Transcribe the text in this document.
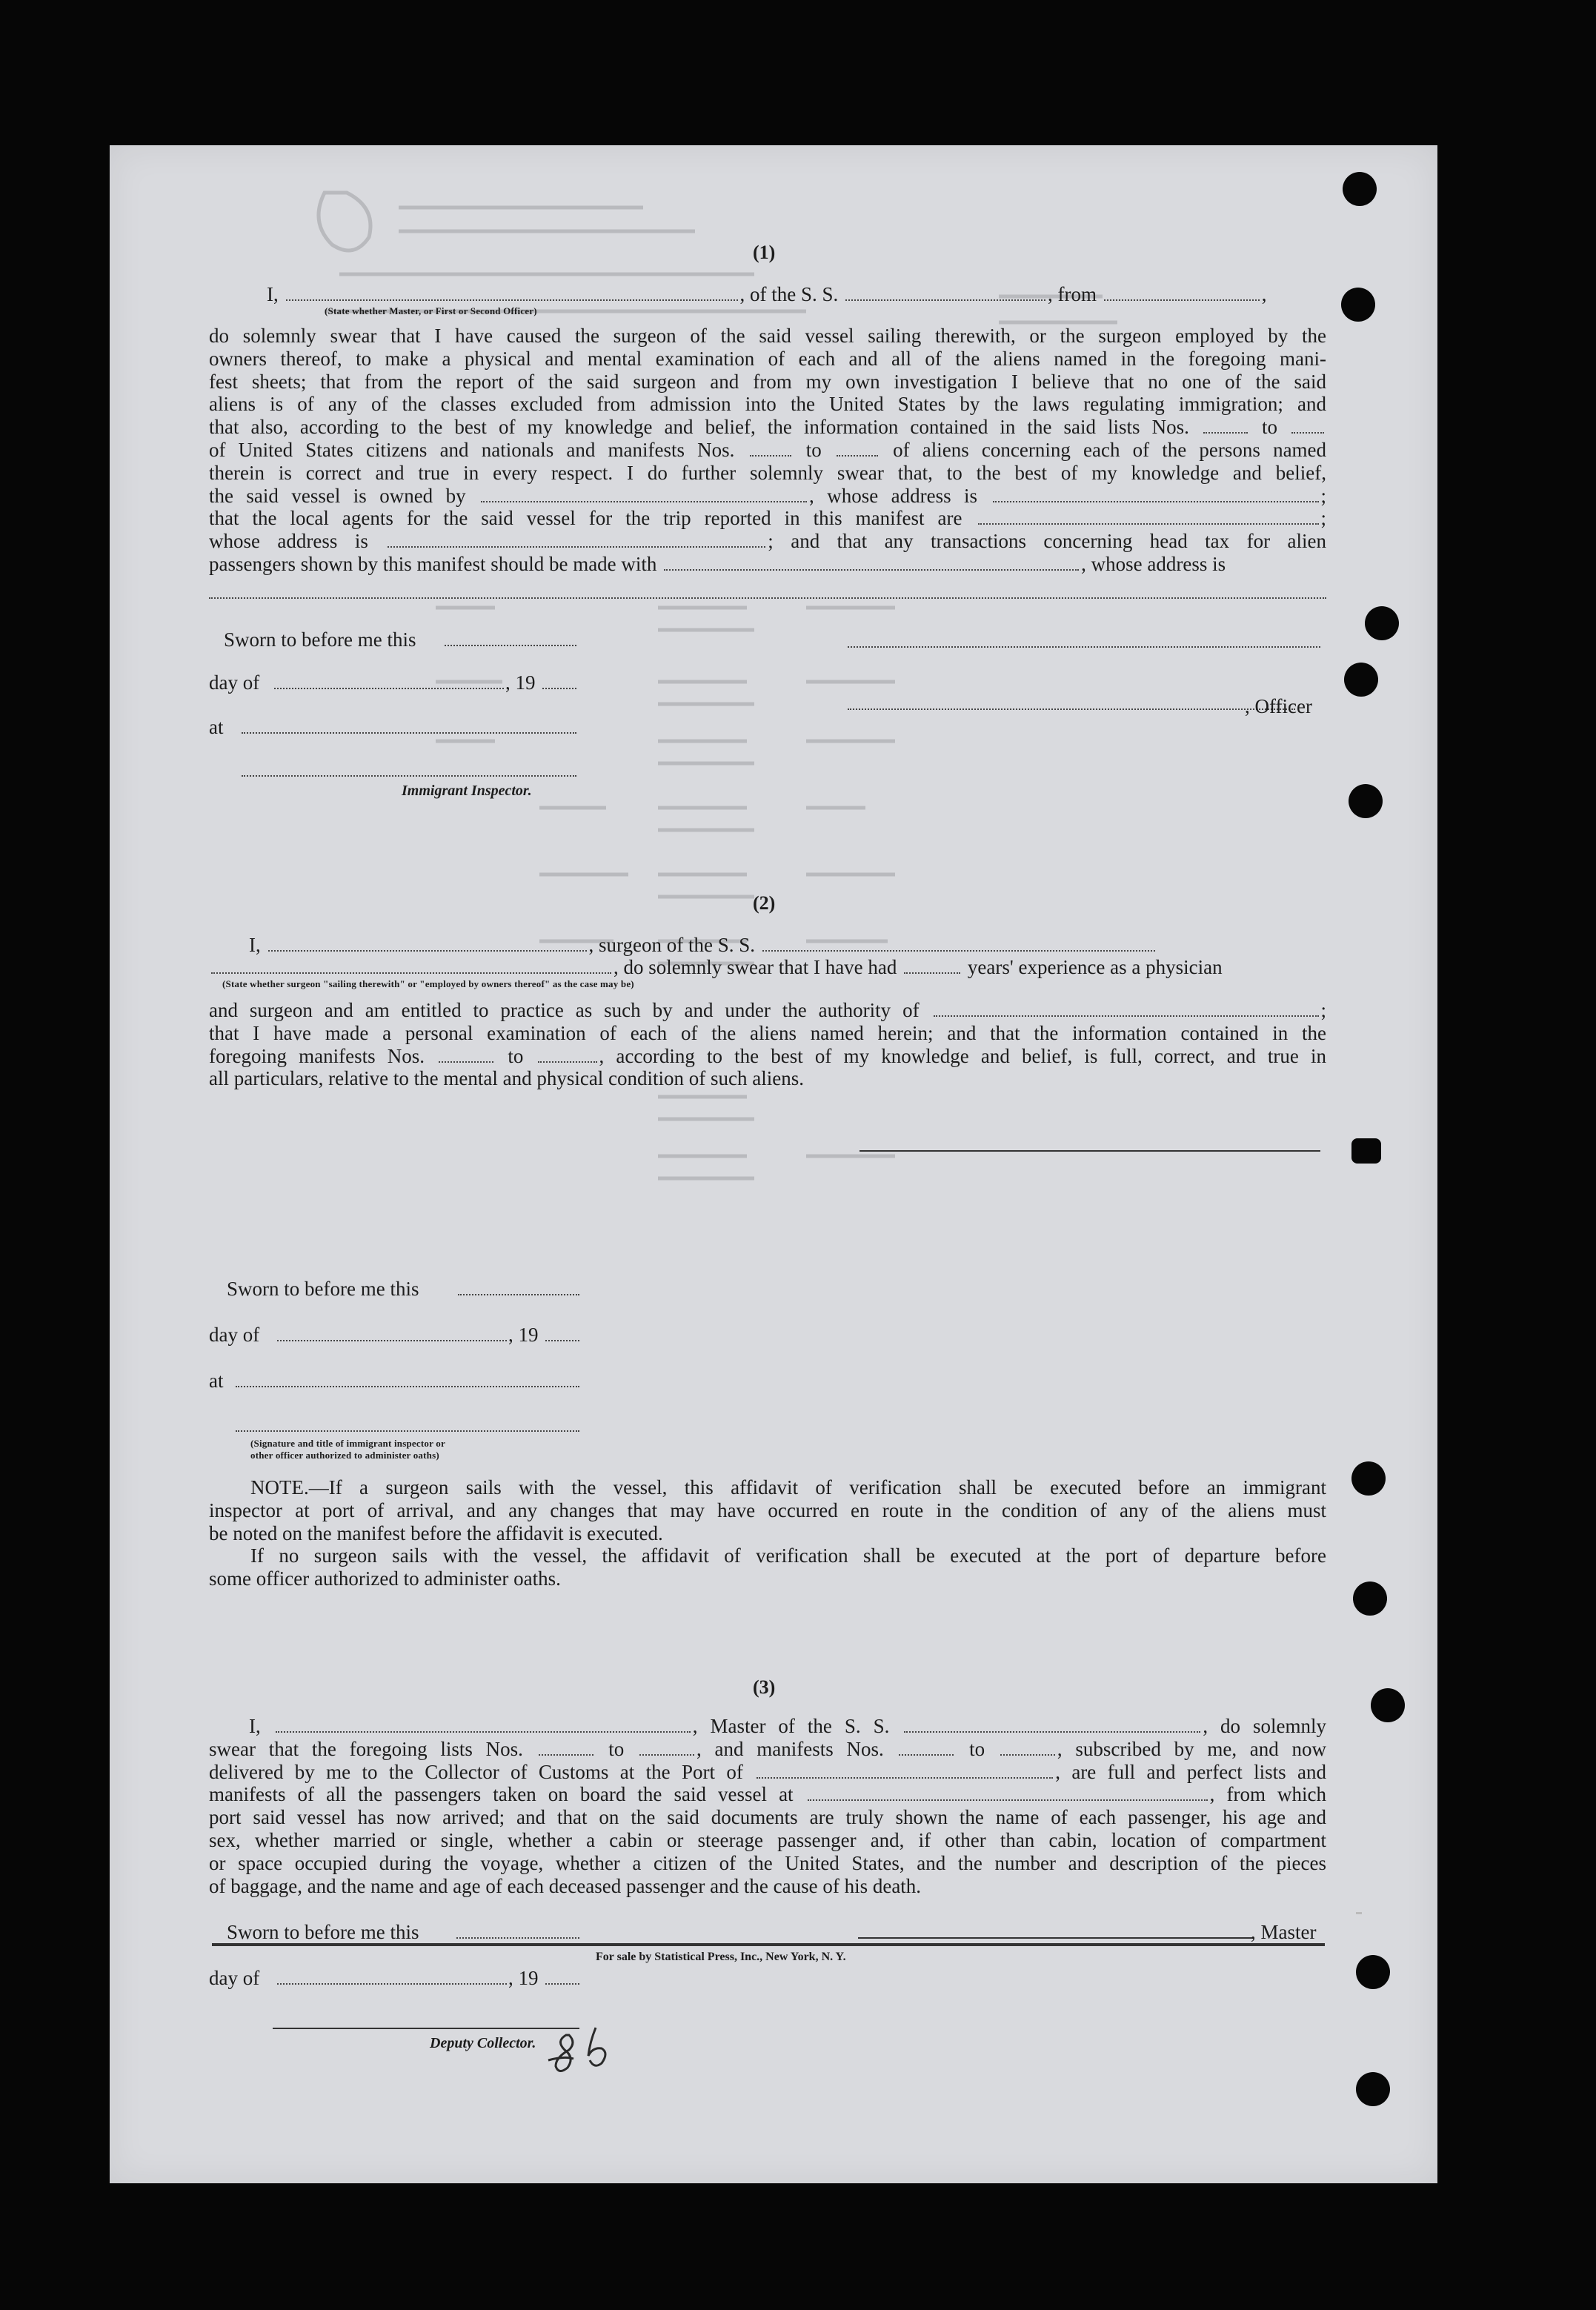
(1)
I,	, of the S. S.	, from	,
(State whether Master, or First or Second Officer)
do solemnly swear that I have caused the surgeon of the said vessel sailing therewith, or the surgeon employed by the
owners thereof, to make a physical and mental examination of each and all of the aliens named in the foregoing mani-
fest sheets; that from the report of the said surgeon and from my own investigation I believe that no one of the said
aliens is of any of the classes excluded from admission into the United States by the laws regulating immigration; and
that also, according to the best of my knowledge and belief, the information contained in the said lists Nos.	to
of United States citizens and nationals and manifests Nos.	to	of aliens concerning each of the persons named
therein is correct and true in every respect. I do further solemnly swear that, to the best of my knowledge and belief,
the said vessel is owned by	, whose address is	;
that the local agents for the said vessel for the trip reported in this manifest are	;
whose address is	; and that any transactions concerning head tax for alien
passengers shown by this manifest should be made with	, whose address is
Sworn to before me this
day of	, 19
at
Immigrant Inspector.
, Officer
(2)
I,	, surgeon of the S. S.
, do solemnly swear that I have had	years' experience as a physician
(State whether surgeon "sailing therewith" or "employed by owners thereof" as the case may be)
and surgeon and am entitled to practice as such by and under the authority of	;
that I have made a personal examination of each of the aliens named herein; and that the information contained in the
foregoing manifests Nos.	to	, according to the best of my knowledge and belief, is full, correct, and true in
all particulars, relative to the mental and physical condition of such aliens.
Sworn to before me this
day of	, 19
at
(Signature and title of immigrant inspector or
other officer authorized to administer oaths)
NOTE.—If a surgeon sails with the vessel, this affidavit of verification shall be executed before an immigrant
inspector at port of arrival, and any changes that may have occurred en route in the condition of any of the aliens must
be noted on the manifest before the affidavit is executed.
If no surgeon sails with the vessel, the affidavit of verification shall be executed at the port of departure before
some officer authorized to administer oaths.
(3)
I,	, Master of the S. S.	, do solemnly
swear that the foregoing lists Nos.	to	, and manifests Nos.	to	, subscribed by me, and now
delivered by me to the Collector of Customs at the Port of	, are full and perfect lists and
manifests of all the passengers taken on board the said vessel at	, from which
port said vessel has now arrived; and that on the said documents are truly shown the name of each passenger, his age and
sex, whether married or single, whether a cabin or steerage passenger and, if other than cabin, location of compartment
or space occupied during the voyage, whether a citizen of the United States, and the number and description of the pieces
of baggage, and the name and age of each deceased passenger and the cause of his death.
Sworn to before me this	, Master
day of	, 19
Deputy Collector.
For sale by Statistical Press, Inc., New York, N. Y.
